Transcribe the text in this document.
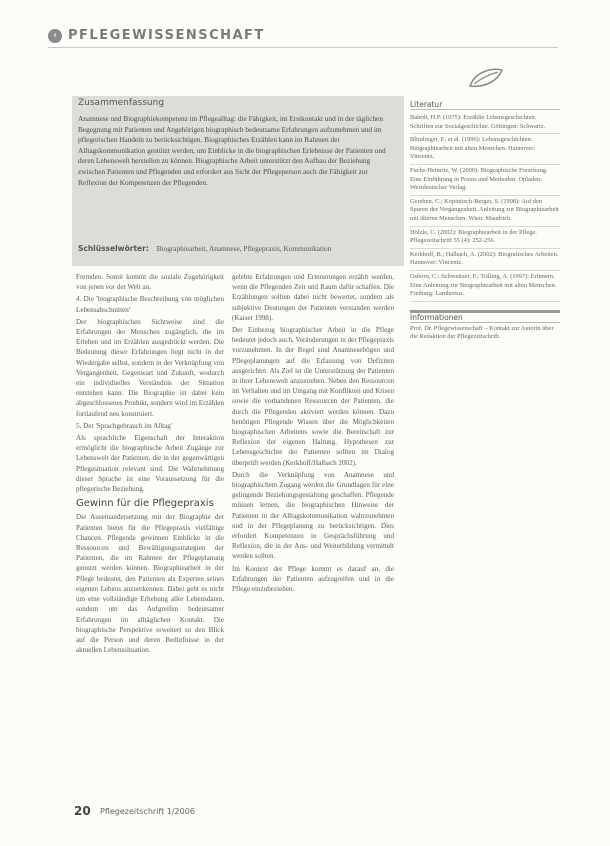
‹ PFLEGEWISSENSCHAFT
Zusammenfassung
Anamnese und Biographiekompetenz im Pflegealltag: die Fähigkeit, im Erstkontakt und in der täglichen Begegnung mit Patienten und Angehörigen biographisch bedeutsame Erfahrungen aufzunehmen und im pflegerischen Handeln zu berücksichtigen. Biographisches Erzählen kann im Rahmen der Alltagskommunikation gestützt werden, um Einblicke in die biographischen Erlebnisse der Patienten und deren Lebenswelt herstellen zu können. Biographische Arbeit unterstützt den Aufbau der Beziehung zwischen Patienten und Pflegenden und erfordert aus Sicht der Pflegeperson auch die Fähigkeit zur Reflexion der Kompetenzen der Pflegenden.
Schlüsselwörter: Biographiearbeit, Anamnese, Pflegepraxis, Kommunikation

Fremden. Somit kommt die soziale Zugehörigkeit von jenen vor der Welt an.

4. Die 'biographische Beschreibung von möglichen Lebensabschnitten'

Der biographischen Sichtweise sind die Erfahrungen der Menschen zugänglich, die im Erleben und im Erzählen ausgedrückt werden. Die Bedeutung dieser Erfahrungen liegt nicht in der Wiedergabe selbst, sondern in der Verknüpfung von Vergangenheit, Gegenwart und Zukunft, wodurch ein individuelles Verständnis der Situation entstehen kann. Die Biographie ist dabei kein abgeschlossenes Produkt, sondern wird im Erzählen fortlaufend neu konstruiert.

5. Der 'Sprachgebrauch im Alltag'

Als sprachliche Eigenschaft der Interaktion ermöglicht die biographische Arbeit Zugänge zur Lebenswelt der Patienten, die in der gegenwärtigen Pflegesituation relevant sind. Die Wahrnehmung dieser Sprache ist eine Voraussetzung für die pflegerische Beziehung.

Gewinn für die Pflegepraxis

Die Auseinandersetzung mit der Biographie der Patienten bietet für die Pflegepraxis vielfältige Chancen. Pflegende gewinnen Einblicke in die Ressourcen und Bewältigungsstrategien der Patienten, die im Rahmen der Pflegeplanung genutzt werden können. Biographiearbeit in der Pflege bedeutet, den Patienten als Experten seines eigenen Lebens anzuerkennen. Dabei geht es nicht um eine vollständige Erhebung aller Lebensdaten, sondern um das Aufgreifen bedeutsamer Erfahrungen im alltäglichen Kontakt. Die biographische Perspektive erweitert so den Blick auf die Person und deren Bedürfnisse in der aktuellen Lebenssituation.

gelebte Erfahrungen und Erinnerungen erzählt werden, wenn die Pflegenden Zeit und Raum dafür schaffen. Die Erzählungen sollten dabei nicht bewertet, sondern als subjektive Deutungen der Patienten verstanden werden (Kaiser 1998).

Der Einbezug biographischer Arbeit in die Pflege bedeutet jedoch auch, Veränderungen in der Pflegepraxis vorzunehmen. In der Regel sind Anamnesebögen und Pflegeplanungen auf die Erfassung von Defiziten ausgerichtet. Als Ziel ist die Unterstützung der Patienten in ihrer Lebenswelt anzustreben. Neben den Ressourcen im Verhalten und im Umgang mit Konflikten und Krisen sowie die vorhandenen Ressourcen der Patienten, die durch die Pflegenden aktiviert werden können. Dazu benötigen Pflegende Wissen über die Möglichkeiten biographischen Arbeitens sowie die Bereitschaft zur Reflexion der eigenen Haltung. Hypothesen zur Lebensgeschichte der Patienten sollten im Dialog überprüft werden (Kerkhoff/Halbach 2002).

Durch die Verknüpfung von Anamnese und biographischem Zugang werden die Grundlagen für eine gelingende Beziehungsgestaltung geschaffen. Pflegende müssen lernen, die biographischen Hinweise der Patienten in der Alltagskommunikation wahrzunehmen und in der Pflegeplanung zu berücksichtigen. Dies erfordert Kompetenzen in Gesprächsführung und Reflexion, die in der Aus- und Weiterbildung vermittelt werden sollten.

Im Kontext der Pflege kommt es darauf an, die Erfahrungen der Patienten aufzugreifen und in die Pflege einzubeziehen.

Literatur
Bahrdt, H.P. (1975): Erzählte Lebensgeschichten. Schriften zur Sozialgeschichte. Göttingen: Schwartz.
Blimlinger, E. et al. (1996): Lebensgeschichten. Biographiearbeit mit alten Menschen. Hannover: Vincentz.
Fuchs-Heinritz, W. (2000): Biographische Forschung. Eine Einführung in Praxis und Methoden. Opladen: Westdeutscher Verlag.
Gereben, C.; Kopinitsch-Berger, S. (1998): Auf den Spuren der Vergangenheit. Anleitung zur Biographiearbeit mit älteren Menschen. Wien: Maudrich.
Hölzle, C. (2002): Biographiearbeit in der Pflege. Pflegezeitschrift 55 (4): 252-256.
Kerkhoff, B.; Halbach, A. (2002): Biografisches Arbeiten. Hannover: Vincentz.
Osborn, C.; Schweitzer, P.; Trilling, A. (1997): Erinnern. Eine Anleitung zur Biographiearbeit mit alten Menschen. Freiburg: Lambertus.
Informationen
Prof. Dr. Pflegewissenschaft – Kontakt zur Autorin über die Redaktion der Pflegezeitschrift.
20 Pflegezeitschrift 1/2006
